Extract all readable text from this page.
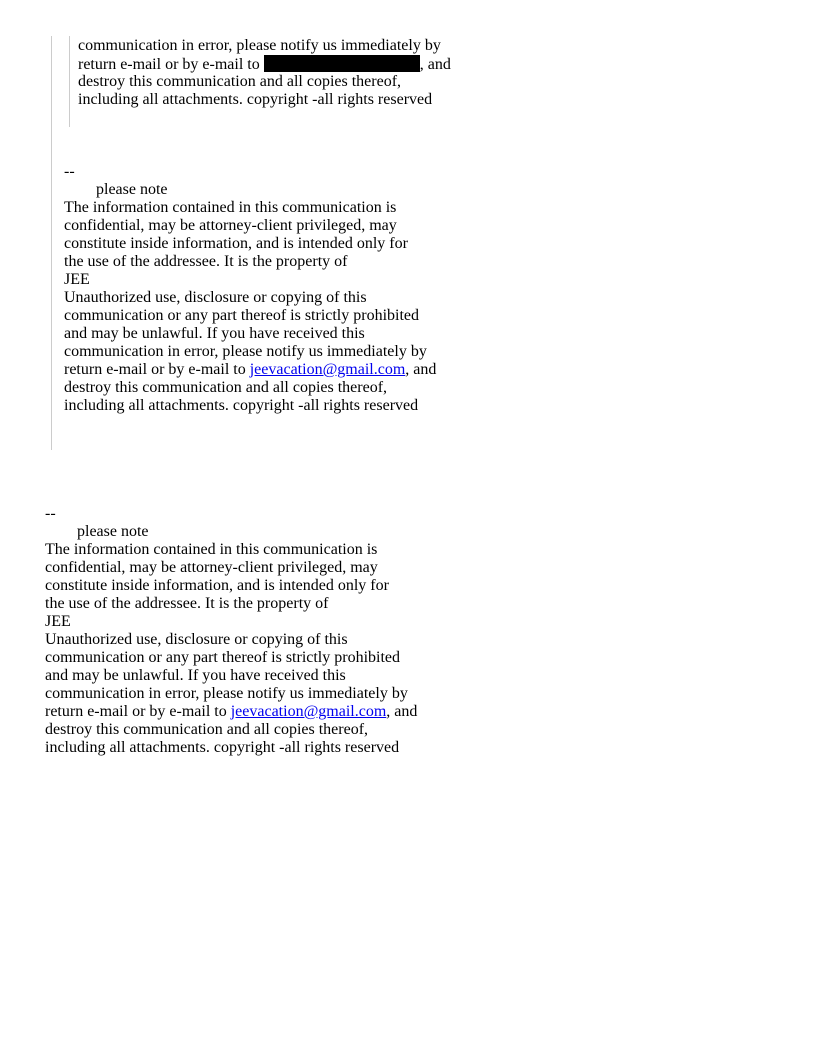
communication in error, please notify us immediately by
return e-mail or by e-mail to	, and
destroy this communication and all copies thereof,
including all attachments. copyright -all rights reserved
--
please note
The information contained in this communication is
confidential, may be attorney-client privileged, may
constitute inside information, and is intended only for
the use of the addressee. It is the property of
JEE
Unauthorized use, disclosure or copying of this
communication or any part thereof is strictly prohibited
and may be unlawful. If you have received this
communication in error, please notify us immediately by
return e-mail or by e-mail to jeevacation@gmail.com, and
destroy this communication and all copies thereof,
including all attachments. copyright -all rights reserved
--
please note
The information contained in this communication is
confidential, may be attorney-client privileged, may
constitute inside information, and is intended only for
the use of the addressee. It is the property of
JEE
Unauthorized use, disclosure or copying of this
communication or any part thereof is strictly prohibited
and may be unlawful. If you have received this
communication in error, please notify us immediately by
return e-mail or by e-mail to jeevacation@gmail.com, and
destroy this communication and all copies thereof,
including all attachments. copyright -all rights reserved
